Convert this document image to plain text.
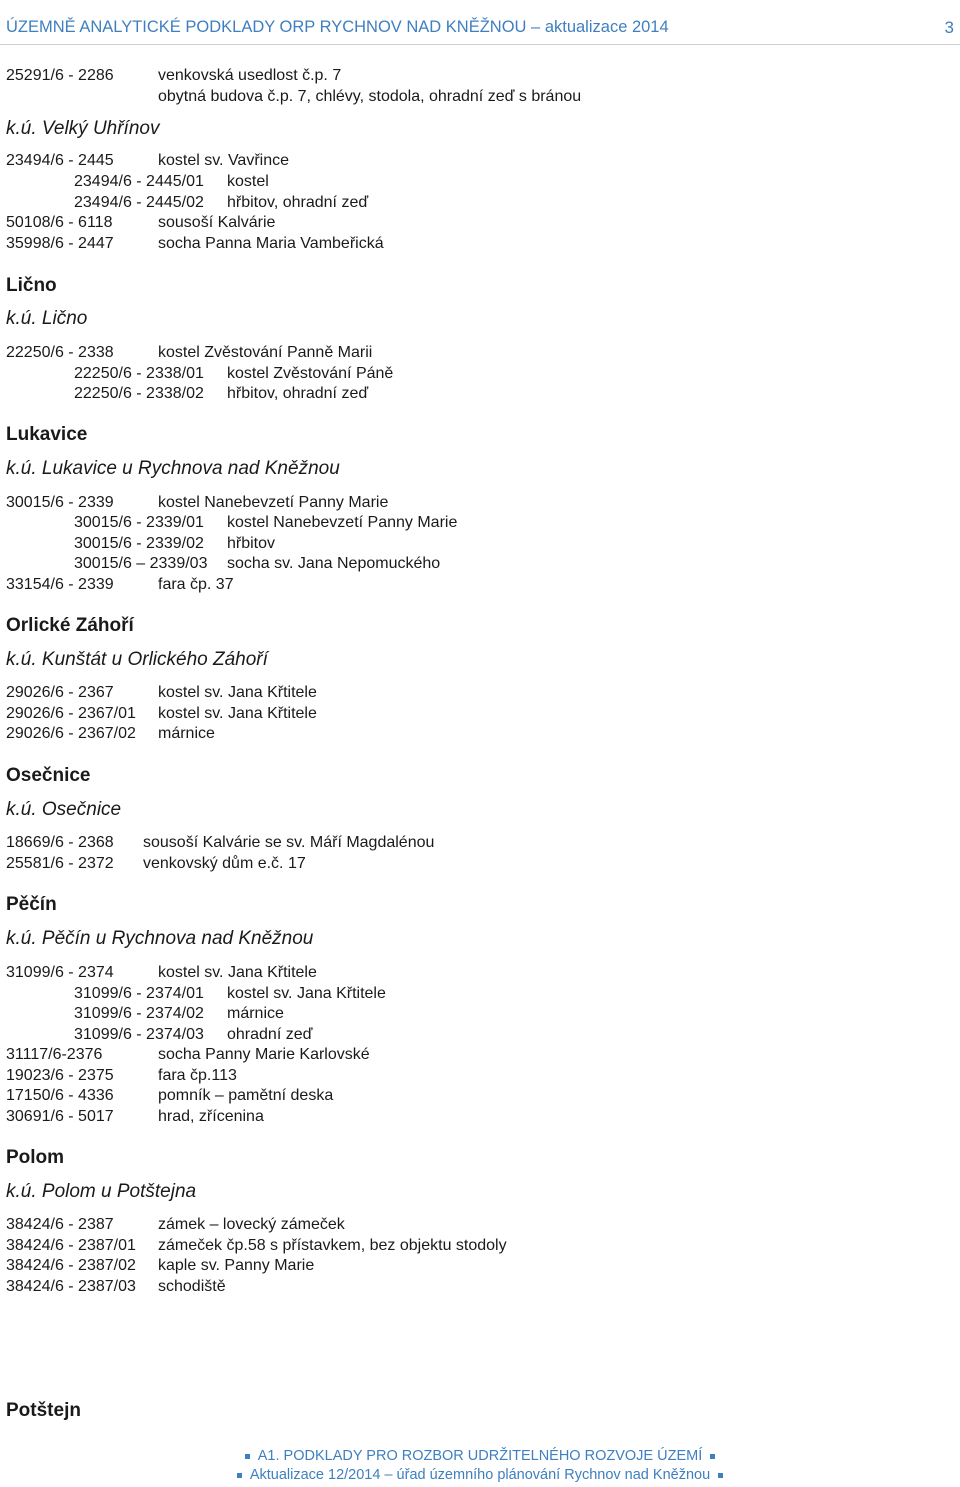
ÚZEMNĚ ANALYTICKÉ PODKLADY ORP RYCHNOV NAD KNĚŽNOU – aktualizace 2014	3
25291/6 - 2286	venkovská usedlost č.p. 7
obytná budova č.p. 7, chlévy, stodola, ohradní zeď s bránou
k.ú. Velký Uhřínov
23494/6 - 2445	kostel sv. Vavřince
23494/6 - 2445/01 kostel
23494/6 - 2445/02 hřbitov, ohradní zeď
50108/6 - 6118	sousoší Kalvárie
35998/6 - 2447	socha Panna Maria Vambeřická
Lično
k.ú. Lično
22250/6 - 2338	kostel Zvěstování Panně Marii
22250/6 - 2338/01 kostel Zvěstování Páně
22250/6 - 2338/02 hřbitov, ohradní zeď
Lukavice
k.ú. Lukavice u Rychnova nad Kněžnou
30015/6 - 2339	kostel Nanebevzetí Panny Marie
30015/6 - 2339/01 kostel Nanebevzetí Panny Marie
30015/6 - 2339/02 hřbitov
30015/6 – 2339/03 socha sv. Jana Nepomuckého
33154/6 - 2339	fara čp. 37
Orlické Záhoří
k.ú. Kunštát u Orlického Záhoří
29026/6 - 2367	kostel sv. Jana Křtitele
29026/6 - 2367/01 kostel sv. Jana Křtitele
29026/6 - 2367/02 márnice
Osečnice
k.ú. Osečnice
18669/6 - 2368 sousoší Kalvárie se sv. Máří Magdalénou
25581/6 - 2372 venkovský dům e.č. 17
Pěčín
k.ú. Pěčín u Rychnova nad Kněžnou
31099/6 - 2374	kostel sv. Jana Křtitele
31099/6 - 2374/01 kostel sv. Jana Křtitele
31099/6 - 2374/02 márnice
31099/6 - 2374/03 ohradní zeď
31117/6-2376	socha Panny Marie Karlovské
19023/6 - 2375	fara čp.113
17150/6 - 4336	pomník – pamětní deska
30691/6 - 5017	hrad, zřícenina
Polom
k.ú. Polom u Potštejna
38424/6 - 2387	zámek – lovecký zámeček
38424/6 - 2387/01 zámeček čp.58 s přístavkem, bez objektu stodoly
38424/6 - 2387/02 kaple sv. Panny Marie
38424/6 - 2387/03 schodiště
Potštejn
A1. PODKLADY PRO ROZBOR UDRŽITELNÉHO ROZVOJE ÚZEMÍ
Aktualizace 12/2014 – úřad územního plánování Rychnov nad Kněžnou
